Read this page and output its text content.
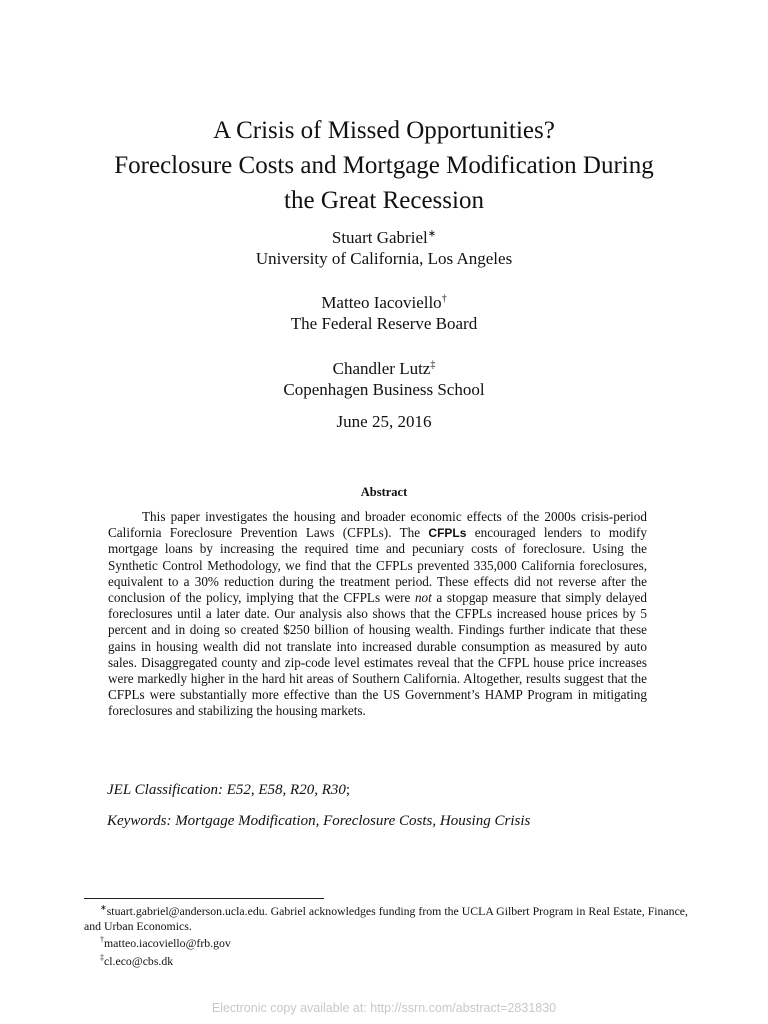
A Crisis of Missed Opportunities?
Foreclosure Costs and Mortgage Modification During
the Great Recession
Stuart Gabriel∗
University of California, Los Angeles
Matteo Iacoviello†
The Federal Reserve Board
Chandler Lutz‡
Copenhagen Business School
June 25, 2016
Abstract

This paper investigates the housing and broader economic effects of the 2000s crisis-period California Foreclosure Prevention Laws (CFPLs). The CFPLs encouraged lenders to modify mortgage loans by increasing the required time and pecuniary costs of foreclosure. Using the Synthetic Control Methodology, we find that the CFPLs prevented 335,000 California foreclosures, equivalent to a 30% reduction during the treatment period. These effects did not reverse after the conclusion of the policy, implying that the CFPLs were not a stopgap measure that simply delayed foreclosures until a later date. Our analysis also shows that the CFPLs increased house prices by 5 percent and in doing so created $250 billion of housing wealth. Findings further indicate that these gains in housing wealth did not translate into increased durable consumption as measured by auto sales. Disaggregated county and zip-code level estimates reveal that the CFPL house price increases were markedly higher in the hard hit areas of Southern California. Altogether, results suggest that the CFPLs were substantially more effective than the US Government’s HAMP Program in mitigating foreclosures and stabilizing the housing markets.

JEL Classification: E52, E58, R20, R30;
Keywords: Mortgage Modification, Foreclosure Costs, Housing Crisis

∗stuart.gabriel@anderson.ucla.edu. Gabriel acknowledges funding from the UCLA Gilbert Program in Real Estate, Finance, and Urban Economics.

†matteo.iacoviello@frb.gov

‡cl.eco@cbs.dk

Electronic copy available at: http://ssrn.com/abstract=2831830
